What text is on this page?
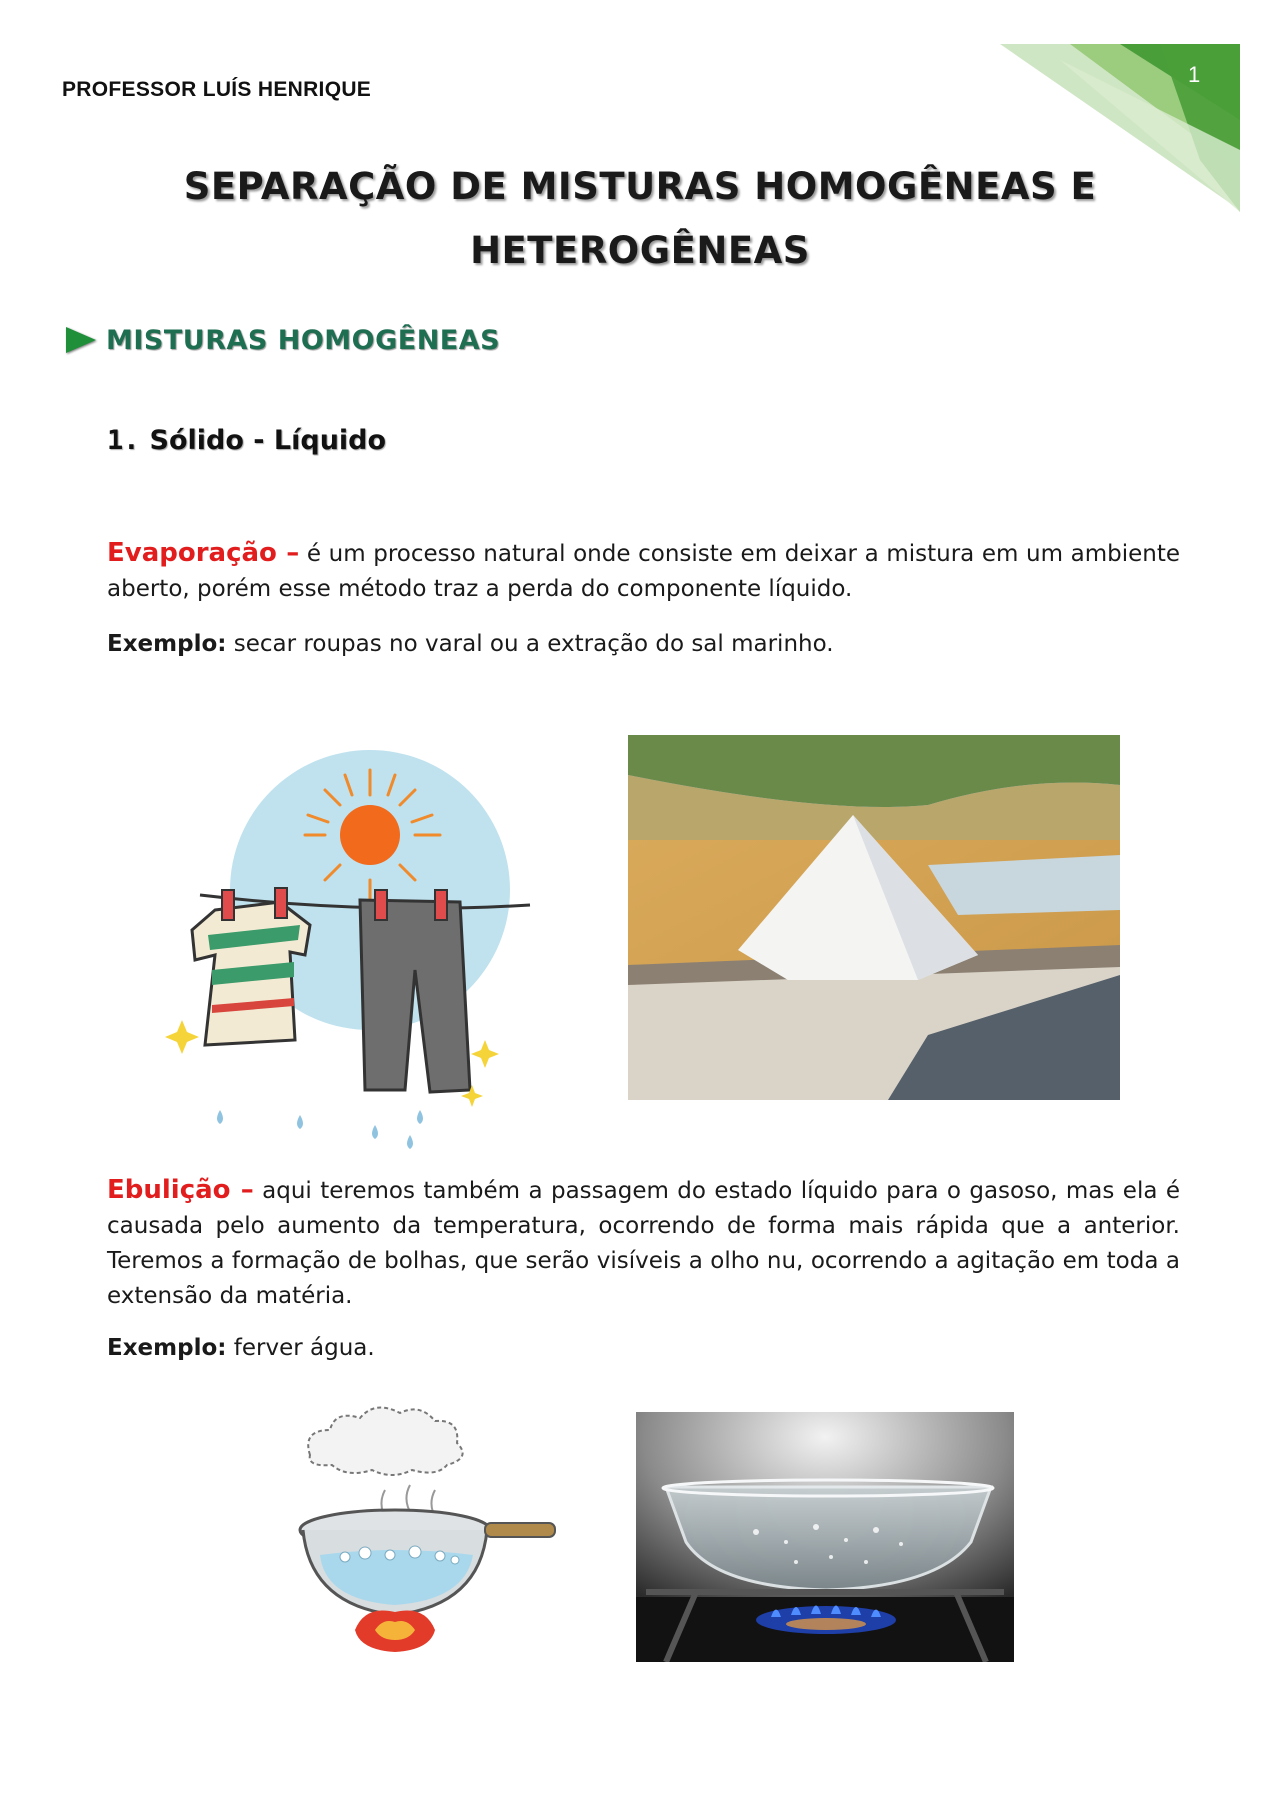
1
PROFESSOR LUÍS HENRIQUE
SEPARAÇÃO DE MISTURAS HOMOGÊNEAS E
HETEROGÊNEAS
MISTURAS HOMOGÊNEAS
1. Sólido - Líquido
Evaporação – é um processo natural onde consiste em deixar a mistura em um ambiente aberto, porém esse método traz a perda do componente líquido.
Exemplo: secar roupas no varal ou a extração do sal marinho.
Ebulição – aqui teremos também a passagem do estado líquido para o gasoso, mas ela é causada pelo aumento da temperatura, ocorrendo de forma mais rápida que a anterior. Teremos a formação de bolhas, que serão visíveis a olho nu, ocorrendo a agitação em toda a extensão da matéria.
Exemplo: ferver água.
